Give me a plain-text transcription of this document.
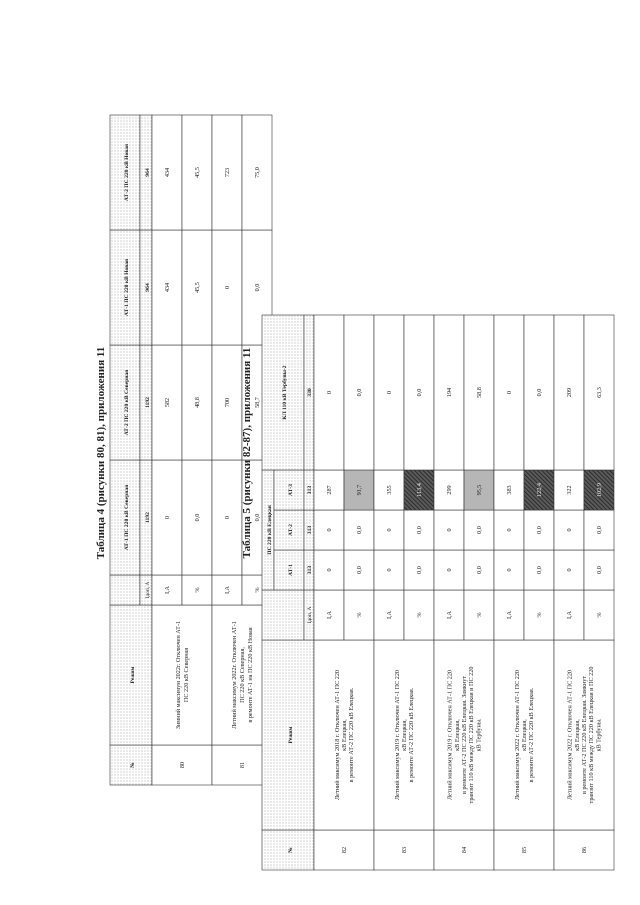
Таблица 4 (рисунки 80, 81), приложения 11
№
Режим
Iдоп, А
АТ-1 ПС 220 кВ Северная	1192
АТ-2 ПС 220 кВ Северная	1192
АТ-1 ПС 220 кВ Новая	964
АТ-2 ПС 220 кВ Новая	964
80
Зимний максимум 2022г. Отключен АТ-1 ПС 220 кВ Северная
I,А
0
582
434
434
%
0,0
48,8
45,5
45,5
81
Летний максимум 2022г. Отключен АТ-1 ПС 220 кВ Северная, в ремонте АТ-1 на ПС 220 кВ Новая
I,А
0
700
0
723
%
0,0
58,7
0,0
75,0
Таблица 5 (рисунки 82-87), приложения 11
№
Режим
Iдоп, А
ПС 220 кВ Елецкая
АТ-1 313
АТ-2 313
АТ-3 313
КЛ 110 кВ Тербуны-2	330
82
Летний максимум 2018 г. Отключен АТ-1 ПС 220 кВ Елецкая, в ремонте АТ-2 ПС 220 кВ Елецкая.
I,А
0
0
287
0
%
0,0
0,0
91,7
0,0
83
Летний максимум 2019 г. Отключен АТ-1 ПС 220 кВ Елецкая, в ремонте АТ-2 ПС 220 кВ Елецкая.
I,А
0
0
355
0
%
0,0
0,0
113,4
0,0
84
Летний максимум 2019 г. Отключен АТ-1 ПС 220 кВ Елецкая, в ремонте АТ-2 ПС 220 кВ Елецкая. Замкнут транзит 110 кВ между ПС 220 кВ Елецкая и ПС 220 кВ Тербуны.
I,А
0
0
299
194
%
0,0
0,0
95,5
58,8
85
Летний максимум 2022 г. Отключен АТ-1 ПС 220 кВ Елецкая, в ремонте АТ-2 ПС 220 кВ Елецкая.
I,А
0
0
383
0
%
0,0
0,0
122,4
0,0
86
Летний максимум 2022 г. Отключен АТ-1 ПС 220 кВ Елецкая, в ремонте АТ-2 ПС 220 кВ Елецкая. Замкнут транзит 110 кВ между ПС 220 кВ Елецкая и ПС 220 кВ Тербуны.
I,А
0
0
322
209
%
0,0
0,0
102,9
63,3
